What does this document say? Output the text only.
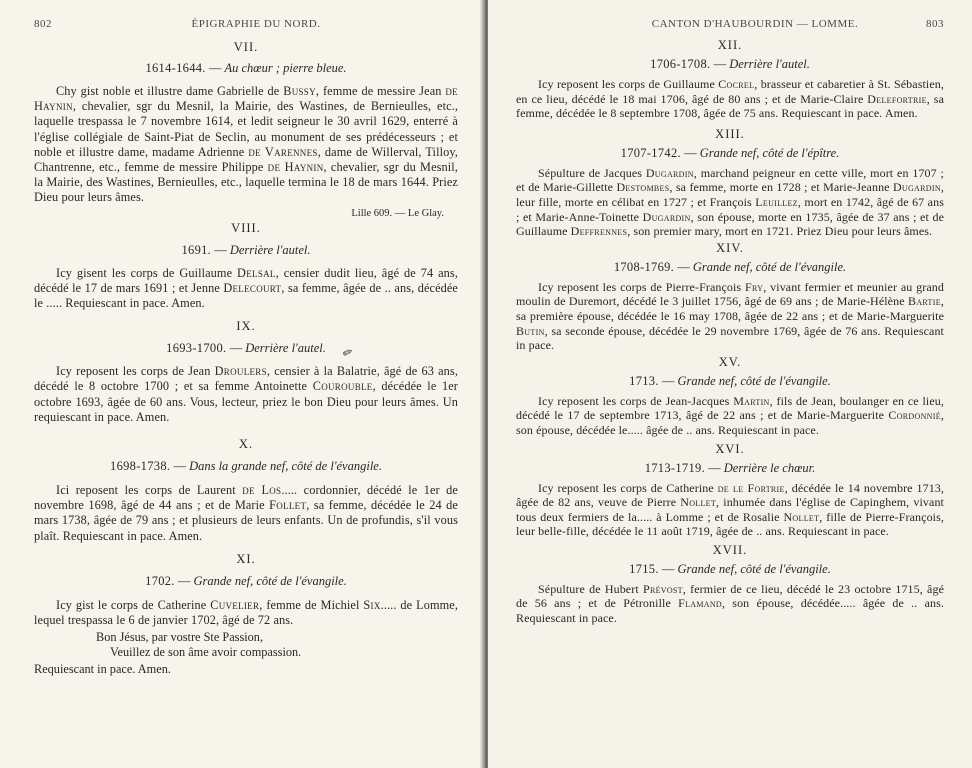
802	ÉPIGRAPHIE DU NORD.

VII.

1614-1644. — Au chœur ; pierre bleue.

Chy gist noble et illustre dame Gabrielle de Bussy, femme de messire Jean de Haynin, chevalier, sgr du Mesnil, la Mairie, des Wastines, de Bernieulles, etc., laquelle trespassa le 7 novembre 1614, et ledit seigneur le 30 avril 1629, enterré à l'église collégiale de Saint-Piat de Seclin, au monument de ses prédécesseurs ; et noble et illustre dame, madame Adrienne de Varennes, dame de Willerval, Tilloy, Chantrenne, etc., femme de messire Philippe de Haynin, chevalier, sgr du Mesnil, la Mairie, des Wastines, Bernieulles, etc., laquelle termina le 18 de mars 1644. Priez Dieu pour leurs âmes.

Lille 609. — Le Glay.

VIII.

1691. — Derrière l'autel.

Icy gisent les corps de Guillaume Delsal, censier dudit lieu, âgé de 74 ans, décédé le 17 de mars 1691 ; et Jenne Delecourt, sa femme, âgée de .. ans, décédée le ..... Requiescant in pace. Amen.

IX.

1693-1700. — Derrière l'autel.

Icy reposent les corps de Jean Droulers, censier à la Balatrie, âgé de 63 ans, décédé le 8 octobre 1700 ; et sa femme Antoinette Courouble, décédée le 1er octobre 1693, âgée de 60 ans. Vous, lecteur, priez le bon Dieu pour leurs âmes. Un requiescant in pace. Amen.

X.

1698-1738. — Dans la grande nef, côté de l'évangile.

Ici reposent les corps de Laurent de Los..... cordonnier, décédé le 1er de novembre 1698, âgé de 44 ans ; et de Marie Follet, sa femme, décédée le 24 de mars 1738, âgée de 79 ans ; et plusieurs de leurs enfants. Un de profundis, s'il vous plaît. Requiescant in pace. Amen.

XI.

1702. — Grande nef, côté de l'évangile.

Icy gist le corps de Catherine Cuvelier, femme de Michiel Six..... de Lomme, lequel trespassa le 6 de janvier 1702, âgé de 72 ans.

Bon Jésus, par vostre Ste Passion,

Veuillez de son âme avoir compassion.

Requiescant in pace. Amen.

✐
CANTON D'HAUBOURDIN — LOMME.	803

XII.

1706-1708. — Derrière l'autel.

Icy reposent les corps de Guillaume Cocrel, brasseur et cabaretier à St. Sébastien, en ce lieu, décédé le 18 mai 1706, âgé de 80 ans ; et de Marie-Claire Delefortrie, sa femme, décédée le 8 septembre 1708, âgée de 75 ans. Requiescant in pace. Amen.

XIII.

1707-1742. — Grande nef, côté de l'épître.

Sépulture de Jacques Dugardin, marchand peigneur en cette ville, mort en 1707 ; et de Marie-Gillette Destombes, sa femme, morte en 1728 ; et Marie-Jeanne Dugardin, leur fille, morte en célibat en 1727 ; et François Leuillez, mort en 1742, âgé de 67 ans ; et Marie-Anne-Toinette Dugardin, son épouse, morte en 1735, âgée de 37 ans ; et de Guillaume Deffrennes, son premier mary, mort en 1721. Priez Dieu pour leurs âmes.

XIV.

1708-1769. — Grande nef, côté de l'évangile.

Icy reposent les corps de Pierre-François Fry, vivant fermier et meunier au grand moulin de Duremort, décédé le 3 juillet 1756, âgé de 69 ans ; de Marie-Hélène Bartie, sa première épouse, décédée le 16 may 1708, âgée de 22 ans ; et de Marie-Marguerite Butin, sa seconde épouse, décédée le 29 novembre 1769, âgée de 76 ans. Requiescant in pace.

XV.

1713. — Grande nef, côté de l'évangile.

Icy reposent les corps de Jean-Jacques Martin, fils de Jean, boulanger en ce lieu, décédé le 17 de septembre 1713, âgé de 22 ans ; et de Marie-Marguerite Cordonnié, son épouse, décédée le..... âgée de .. ans. Requiescant in pace.

XVI.

1713-1719. — Derrière le chœur.

Icy reposent les corps de Catherine de le Fortrie, décédée le 14 novembre 1713, âgée de 82 ans, veuve de Pierre Nollet, inhumée dans l'église de Capinghem, vivant tous deux fermiers de la..... à Lomme ; et de Rosalie Nollet, fille de Pierre-François, leur belle-fille, décédée le 11 août 1719, âgée de .. ans. Requiescant in pace.

XVII.

1715. — Grande nef, côté de l'évangile.

Sépulture de Hubert Prévost, fermier de ce lieu, décédé le 23 octobre 1715, âgé de 56 ans ; et de Pétronille Flamand, son épouse, décédée..... âgée de .. ans. Requiescant in pace.
